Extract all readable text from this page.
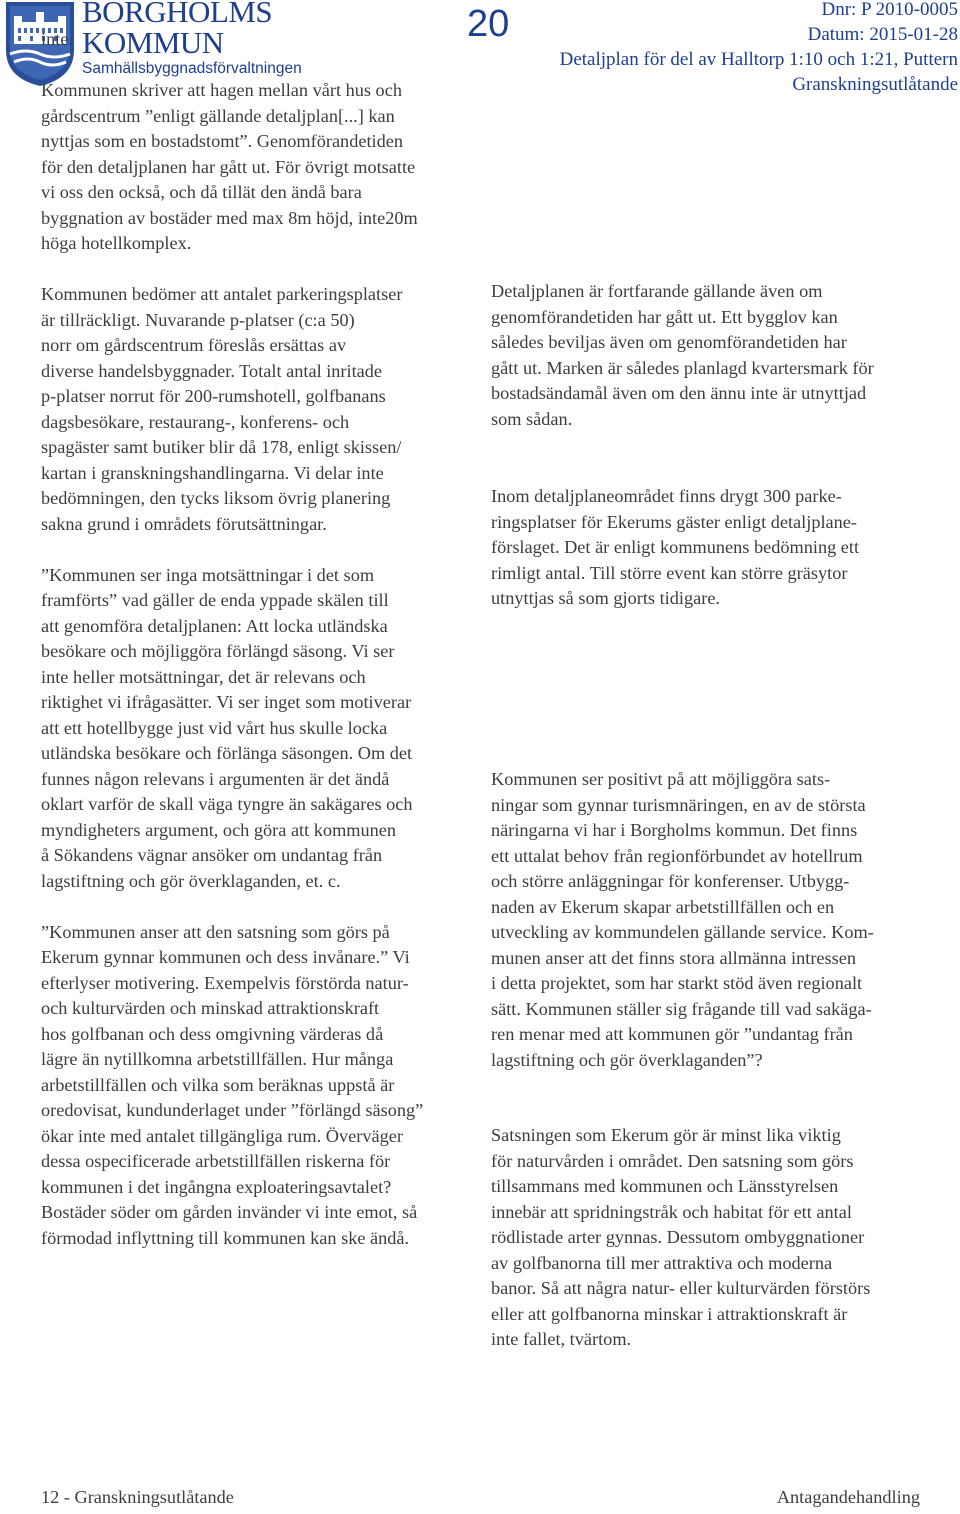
BORGHOLMS
KOMMUN
Samhällsbyggnadsförvaltningen
20	Dnr: P 2010-0005
Datum: 2015-01-28
Detaljplan för del av Halltorp 1:10 och 1:21, Puttern
Granskningsutlåtande

inte.

Kommunen skriver att hagen mellan vårt hus och
gårdscentrum ”enligt gällande detaljplan[...] kan
nyttjas som en bostadstomt”. Genomförandetiden
för den detaljplanen har gått ut. För övrigt motsatte
vi oss den också, och då tillät den ändå bara
byggnation av bostäder med max 8m höjd, inte20m
höga hotellkomplex.

Kommunen bedömer att antalet parkeringsplatser
är tillräckligt. Nuvarande p-platser (c:a 50)
norr om gårdscentrum föreslås ersättas av
diverse handelsbyggnader. Totalt antal inritade
p-platser norrut för 200-rumshotell, golfbanans
dagsbesökare, restaurang-, konferens- och
spagäster samt butiker blir då 178, enligt skissen/
kartan i granskningshandlingarna. Vi delar inte
bedömningen, den tycks liksom övrig planering
sakna grund i områdets förutsättningar.

”Kommunen ser inga motsättningar i det som
framförts” vad gäller de enda yppade skälen till
att genomföra detaljplanen: Att locka utländska
besökare och möjliggöra förlängd säsong. Vi ser
inte heller motsättningar, det är relevans och
riktighet vi ifrågasätter. Vi ser inget som motiverar
att ett hotellbygge just vid vårt hus skulle locka
utländska besökare och förlänga säsongen. Om det
funnes någon relevans i argumenten är det ändå
oklart varför de skall väga tyngre än sakägares och
myndigheters argument, och göra att kommunen
å Sökandens vägnar ansöker om undantag från
lagstiftning och gör överklaganden, et. c.

”Kommunen anser att den satsning som görs på
Ekerum gynnar kommunen och dess invånare.” Vi
efterlyser motivering. Exempelvis förstörda natur-
och kulturvärden och minskad attraktionskraft
hos golfbanan och dess omgivning värderas då
lägre än nytillkomna arbetstillfällen. Hur många
arbetstillfällen och vilka som beräknas uppstå är
oredovisat, kundunderlaget under ”förlängd säsong”
ökar inte med antalet tillgängliga rum. Överväger
dessa ospecificerade arbetstillfällen riskerna för
kommunen i det ingångna exploateringsavtalet?
Bostäder söder om gården invänder vi inte emot, så
förmodad inflyttning till kommunen kan ske ändå.

Detaljplanen är fortfarande gällande även om
genomförandetiden har gått ut. Ett bygglov kan
således beviljas även om genomförandetiden har
gått ut. Marken är således planlagd kvartersmark för
bostadsändamål även om den ännu inte är utnyttjad
som sådan.

Inom detaljplaneområdet finns drygt 300 parke-
ringsplatser för Ekerums gäster enligt detaljplane-
förslaget. Det är enligt kommunens bedömning ett
rimligt antal. Till större event kan större gräsytor
utnyttjas så som gjorts tidigare.

Kommunen ser positivt på att möjliggöra sats-
ningar som gynnar turismnäringen, en av de största
näringarna vi har i Borgholms kommun. Det finns
ett uttalat behov från regionförbundet av hotellrum
och större anläggningar för konferenser. Utbygg-
naden av Ekerum skapar arbetstillfällen och en
utveckling av kommundelen gällande service. Kom-
munen anser att det finns stora allmänna intressen
i detta projektet, som har starkt stöd även regionalt
sätt. Kommunen ställer sig frågande till vad sakäga-
ren menar med att kommunen gör ”undantag från
lagstiftning och gör överklaganden”?

Satsningen som Ekerum gör är minst lika viktig
för naturvården i området. Den satsning som görs
tillsammans med kommunen och Länsstyrelsen
innebär att spridningstråk och habitat för ett antal
rödlistade arter gynnas. Dessutom ombyggnationer
av golfbanorna till mer attraktiva och moderna
banor. Så att några natur- eller kulturvärden förstörs
eller att golfbanorna minskar i attraktionskraft är
inte fallet, tvärtom.

12 - Granskningsutlåtande	Antagandehandling
